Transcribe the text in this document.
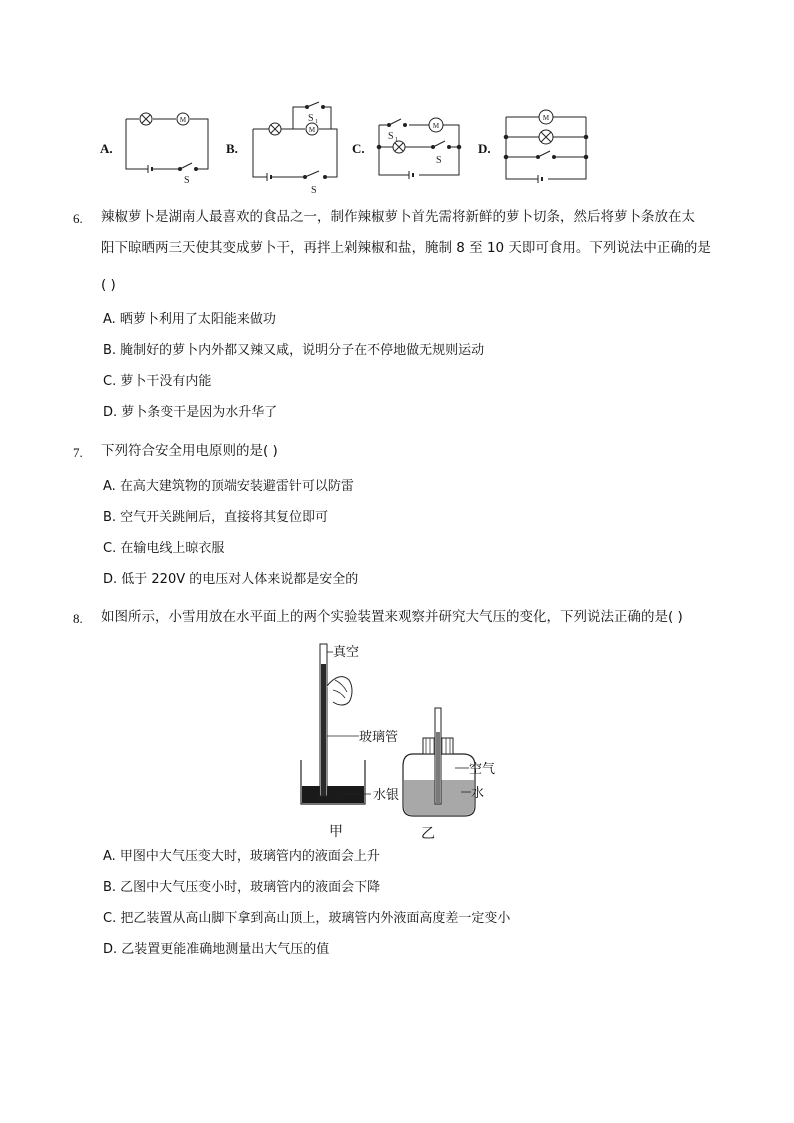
A.
M
S
B.
M
S 1
S
C.
M
S 1
S
D.
M
6. 辣椒萝卜是湖南人最喜欢的食品之一，制作辣椒萝卜首先需将新鲜的萝卜切条，然后将萝卜条放在太
阳下晾晒两三天使其变成萝卜干，再拌上剁辣椒和盐，腌制 8 至 10 天即可食用。下列说法中正确的是
( )
A. 晒萝卜利用了太阳能来做功
B. 腌制好的萝卜内外都又辣又咸，说明分子在不停地做无规则运动
C. 萝卜干没有内能
D. 萝卜条变干是因为水升华了
7. 下列符合安全用电原则的是( )
A. 在高大建筑物的顶端安装避雷针可以防雷
B. 空气开关跳闸后，直接将其复位即可
C. 在输电线上晾衣服
D. 低于 220V 的电压对人体来说都是安全的
8. 如图所示，小雪用放在水平面上的两个实验装置来观察并研究大气压的变化，下列说法正确的是( )
真空
玻璃管
空气
水
水银
甲	乙
A. 甲图中大气压变大时，玻璃管内的液面会上升
B. 乙图中大气压变小时，玻璃管内的液面会下降
C. 把乙装置从高山脚下拿到高山顶上，玻璃管内外液面高度差一定变小
D. 乙装置更能准确地测量出大气压的值
